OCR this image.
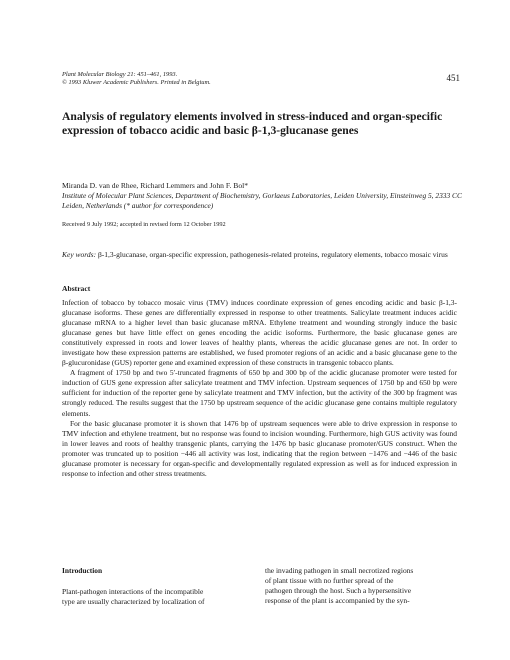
Plant Molecular Biology 21: 451–461, 1993.
© 1993 Kluwer Academic Publishers. Printed in Belgium.	451
Analysis of regulatory elements involved in stress-induced and organ-specific expression of tobacco acidic and basic β-1,3-glucanase genes
Miranda D. van de Rhee, Richard Lemmers and John F. Bol*
Institute of Molecular Plant Sciences, Department of Biochemistry, Gorlaeus Laboratories, Leiden University, Einsteinweg 5, 2333 CC Leiden, Netherlands (* author for correspondence)
Received 9 July 1992; accepted in revised form 12 October 1992
Key words: β-1,3-glucanase, organ-specific expression, pathogenesis-related proteins, regulatory elements, tobacco mosaic virus
Abstract

Infection of tobacco by tobacco mosaic virus (TMV) induces coordinate expression of genes encoding acidic and basic β-1,3-glucanase isoforms. These genes are differentially expressed in response to other treatments. Salicylate treatment induces acidic glucanase mRNA to a higher level than basic glucanase mRNA. Ethylene treatment and wounding strongly induce the basic glucanase genes but have little effect on genes encoding the acidic isoforms. Furthermore, the basic glucanase genes are constitutively expressed in roots and lower leaves of healthy plants, whereas the acidic glucanase genes are not. In order to investigate how these expression patterns are established, we fused promoter regions of an acidic and a basic glucanase gene to the β-glucuronidase (GUS) reporter gene and examined expression of these constructs in transgenic tobacco plants.

A fragment of 1750 bp and two 5′-truncated fragments of 650 bp and 300 bp of the acidic glucanase promoter were tested for induction of GUS gene expression after salicylate treatment and TMV infection. Upstream sequences of 1750 bp and 650 bp were sufficient for induction of the reporter gene by salicylate treatment and TMV infection, but the activity of the 300 bp fragment was strongly reduced. The results suggest that the 1750 bp upstream sequence of the acidic glucanase gene contains multiple regulatory elements.

For the basic glucanase promoter it is shown that 1476 bp of upstream sequences were able to drive expression in response to TMV infection and ethylene treatment, but no response was found to incision wounding. Furthermore, high GUS activity was found in lower leaves and roots of healthy transgenic plants, carrying the 1476 bp basic glucanase promoter/GUS construct. When the promoter was truncated up to position −446 all activity was lost, indicating that the region between −1476 and −446 of the basic glucanase promoter is necessary for organ-specific and developmentally regulated expression as well as for induced expression in response to infection and other stress treatments.

Introduction
Plant-pathogen interactions of the incompatible
type are usually characterized by localization of
the invading pathogen in small necrotized regions
of plant tissue with no further spread of the
pathogen through the host. Such a hypersensitive
response of the plant is accompanied by the syn-
